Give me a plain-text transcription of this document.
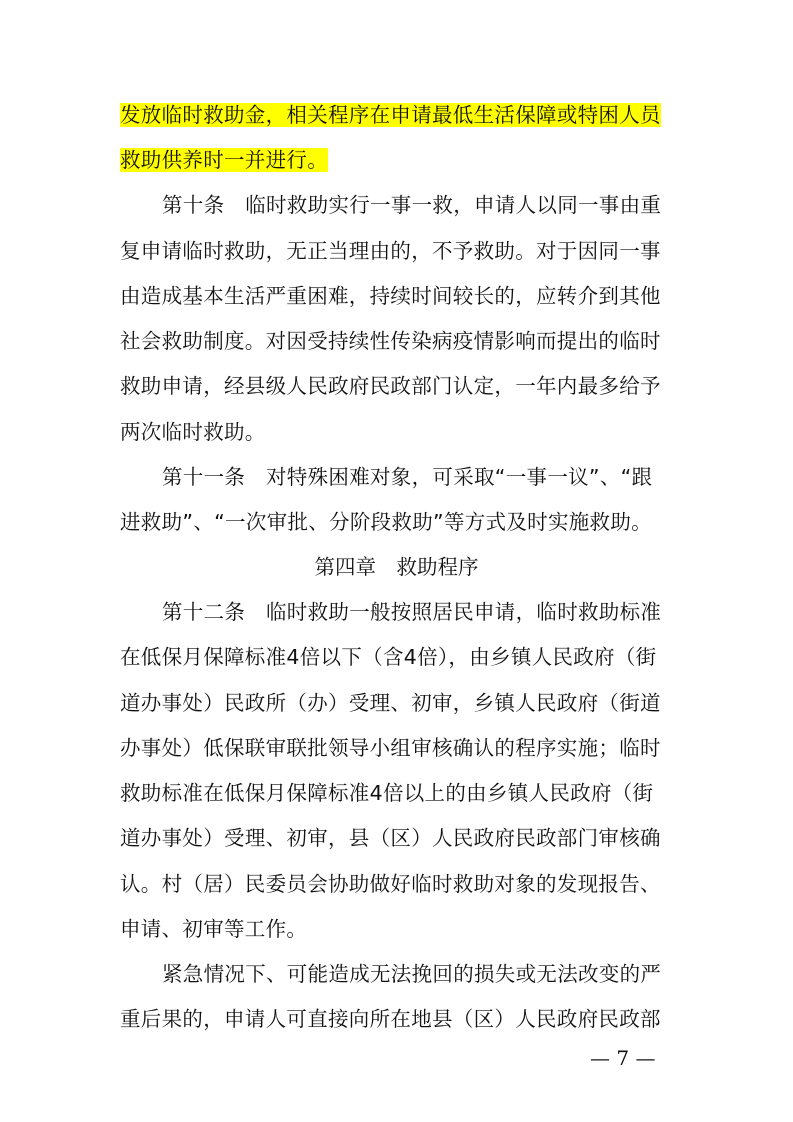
发放临时救助金，相关程序在申请最低生活保障或特困人员
救助供养时一并进行。
第十条　临时救助实行一事一救，申请人以同一事由重
复申请临时救助，无正当理由的，不予救助。对于因同一事
由造成基本生活严重困难，持续时间较长的，应转介到其他
社会救助制度。对因受持续性传染病疫情影响而提出的临时
救助申请，经县级人民政府民政部门认定，一年内最多给予
两次临时救助。
第十一条　对特殊困难对象，可采取“一事一议”、“跟
进救助”、“一次审批、分阶段救助”等方式及时实施救助。
第四章　救助程序
第十二条　临时救助一般按照居民申请，临时救助标准
在低保月保障标准4倍以下（含4倍），由乡镇人民政府（街
道办事处）民政所（办）受理、初审，乡镇人民政府（街道
办事处）低保联审联批领导小组审核确认的程序实施；临时
救助标准在低保月保障标准4倍以上的由乡镇人民政府（街
道办事处）受理、初审，县（区）人民政府民政部门审核确
认。村（居）民委员会协助做好临时救助对象的发现报告、
申请、初审等工作。
紧急情况下、可能造成无法挽回的损失或无法改变的严
重后果的，申请人可直接向所在地县（区）人民政府民政部
— 7 —
